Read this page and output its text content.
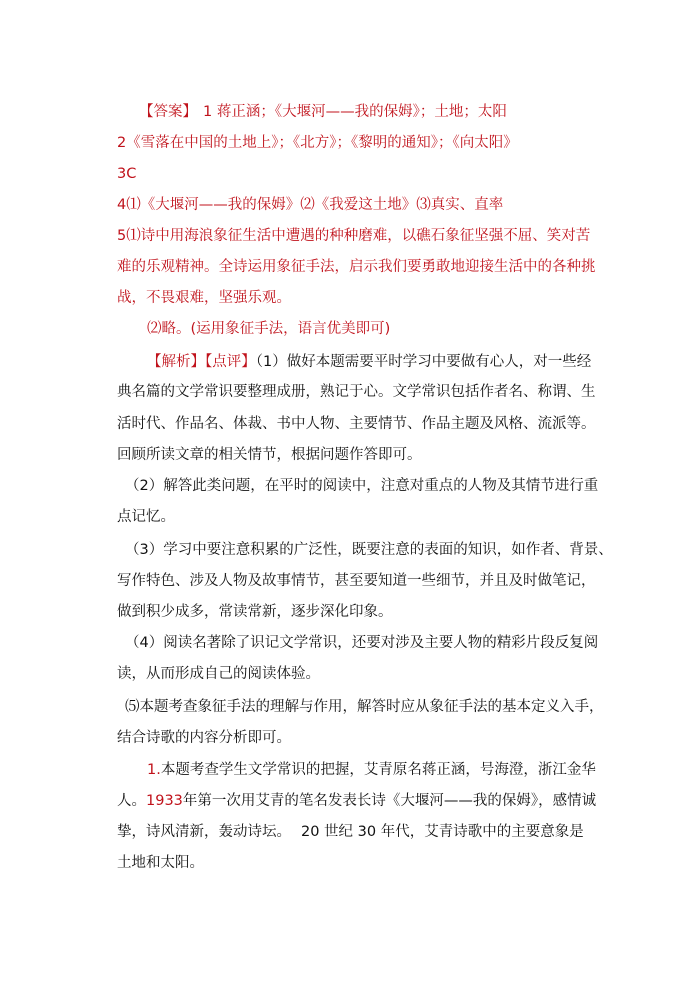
【答案】 1 蒋正涵；《大堰河——我的保姆》；土地；太阳
2《雪落在中国的土地上》；《北方》；《黎明的通知》；《向太阳》
3C
4⑴《大堰河——我的保姆》⑵《我爱这土地》⑶真实、直率
5⑴诗中用海浪象征生活中遭遇的种种磨难，以礁石象征坚强不屈、笑对苦
难的乐观精神。全诗运用象征手法，启示我们要勇敢地迎接生活中的各种挑
战，不畏艰难，坚强乐观。
⑵略。(运用象征手法，语言优美即可)
【解析】【点评】（1）做好本题需要平时学习中要做有心人，对一些经
典名篇的文学常识要整理成册，熟记于心。文学常识包括作者名、称谓、生
活时代、作品名、体裁、书中人物、主要情节、作品主题及风格、流派等。
回顾所读文章的相关情节，根据问题作答即可。
（2）解答此类问题，在平时的阅读中，注意对重点的人物及其情节进行重
点记忆。
（3）学习中要注意积累的广泛性，既要注意的表面的知识，如作者、背景、
写作特色、涉及人物及故事情节，甚至要知道一些细节，并且及时做笔记，
做到积少成多，常读常新，逐步深化印象。
（4）阅读名著除了识记文学常识，还要对涉及主要人物的精彩片段反复阅
读，从而形成自己的阅读体验。
⑸本题考查象征手法的理解与作用，解答时应从象征手法的基本定义入手，
结合诗歌的内容分析即可。
1.本题考查学生文学常识的把握，艾青原名蒋正涵，号海澄，浙江金华
人。1933年第一次用艾青的笔名发表长诗《大堰河——我的保姆》，感情诚
挚，诗风清新，轰动诗坛。 20 世纪 30 年代，艾青诗歌中的主要意象是
土地和太阳。
